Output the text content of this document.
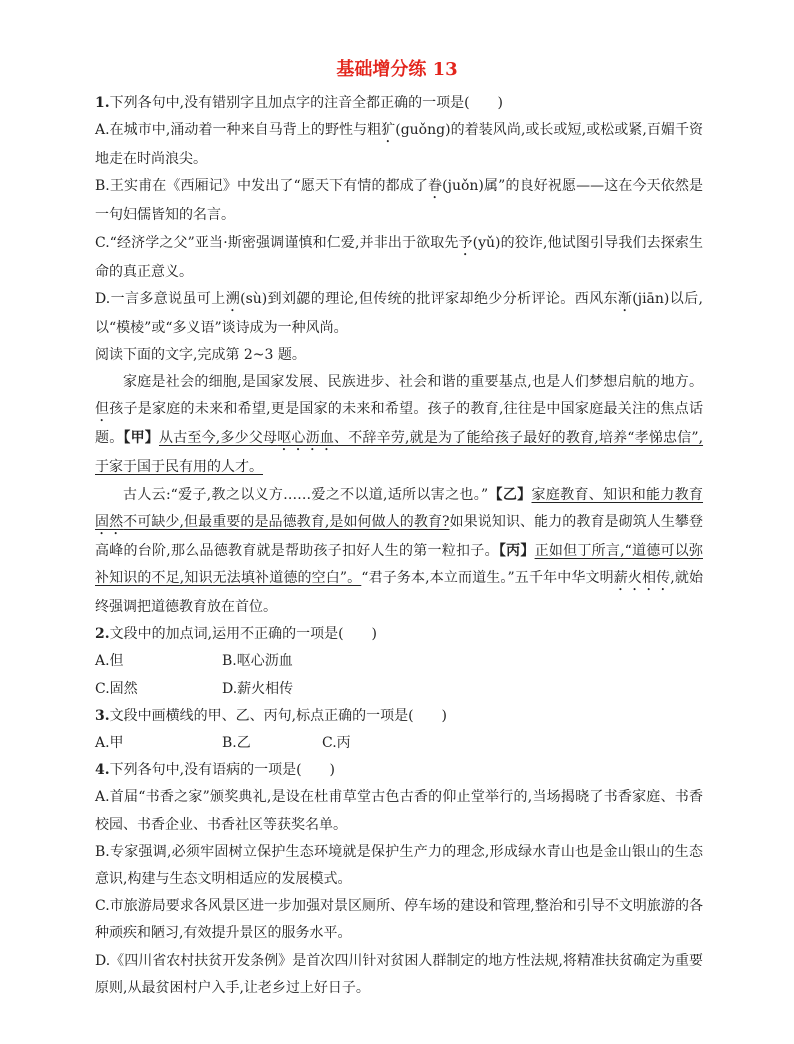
基础增分练 13

1.下列各句中,没有错别字且加点字的注音全都正确的一项是(　　)

A.在城市中,涌动着一种来自马背上的野性与粗犷(guǒng)的着装风尚,或长或短,或松或紧,百媚千资地走在时尚浪尖。

B.王实甫在《西厢记》中发出了“愿天下有情的都成了眷(juǒn)属”的良好祝愿——这在今天依然是一句妇儒皆知的名言。

C.“经济学之父”亚当·斯密强调谨慎和仁爱,并非出于欲取先予(yǔ)的狡诈,他试图引导我们去探索生命的真正意义。

D.一言多意说虽可上溯(sù)到刘勰的理论,但传统的批评家却绝少分析评论。西风东渐(jiān)以后,以“模棱”或“多义语”谈诗成为一种风尚。

阅读下面的文字,完成第 2~3 题。

家庭是社会的细胞,是国家发展、民族进步、社会和谐的重要基点,也是人们梦想启航的地方。但孩子是家庭的未来和希望,更是国家的未来和希望。孩子的教育,往往是中国家庭最关注的焦点话题。【甲】从古至今,多少父母呕心沥血、不辞辛劳,就是为了能给孩子最好的教育,培养“孝悌忠信”,于家于国于民有用的人才。

古人云:“爱子,教之以义方……爱之不以道,适所以害之也。”【乙】家庭教育、知识和能力教育固然不可缺少,但最重要的是品德教育,是如何做人的教育?如果说知识、能力的教育是砌筑人生攀登高峰的台阶,那么品德教育就是帮助孩子扣好人生的第一粒扣子。【丙】正如但丁所言,“道德可以弥补知识的不足,知识无法填补道德的空白”。“君子务本,本立而道生。”五千年中华文明薪火相传,就始终强调把道德教育放在首位。

2.文段中的加点词,运用不正确的一项是(　　)

A.但	B.呕心沥血

C.固然	D.薪火相传

3.文段中画横线的甲、乙、丙句,标点正确的一项是(　　)

A.甲	B.乙	C.丙

4.下列各句中,没有语病的一项是(　　)

A.首届“书香之家”颁奖典礼,是设在杜甫草堂古色古香的仰止堂举行的,当场揭晓了书香家庭、书香校园、书香企业、书香社区等获奖名单。

B.专家强调,必须牢固树立保护生态环境就是保护生产力的理念,形成绿水青山也是金山银山的生态意识,构建与生态文明相适应的发展模式。

C.市旅游局要求各风景区进一步加强对景区厕所、停车场的建设和管理,整治和引导不文明旅游的各种顽疾和陋习,有效提升景区的服务水平。

D.《四川省农村扶贫开发条例》是首次四川针对贫困人群制定的地方性法规,将精准扶贫确定为重要原则,从最贫困村户入手,让老乡过上好日子。
